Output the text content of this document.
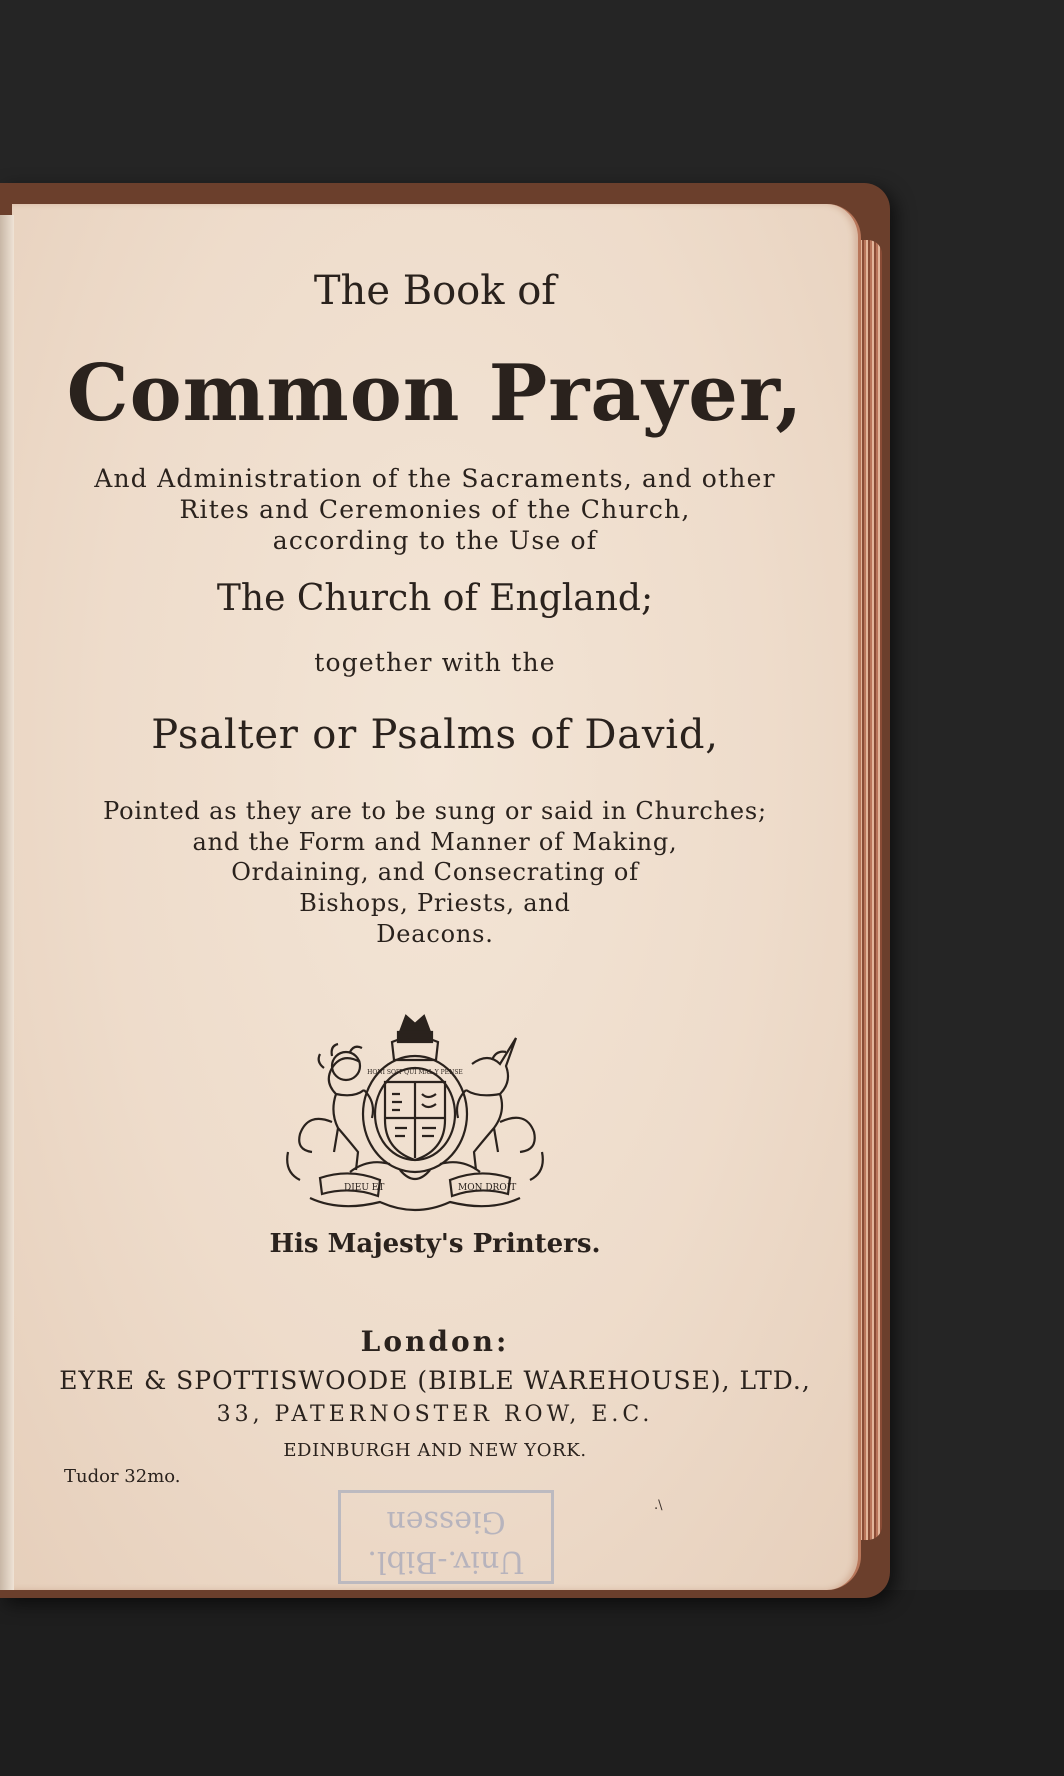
The Book of
Common Prayer,
And Administration of the Sacraments, and other
Rites and Ceremonies of the Church,
according to the Use of
The Church of England;
together with the
Psalter or Psalms of David,
Pointed as they are to be sung or said in Churches;
and the Form and Manner of Making,
Ordaining, and Consecrating of
Bishops, Priests, and
Deacons.
DIEU ET	MON DROIT
HONI SOIT QUI MAL Y PENSE
His Majesty's Printers.
London:
EYRE & SPOTTISWOODE (BIBLE WAREHOUSE), LTD.,
33, PATERNOSTER ROW, E.C.
EDINBURGH AND NEW YORK.
Tudor 32mo.
.\
Univ.-Bibl. Giessen
